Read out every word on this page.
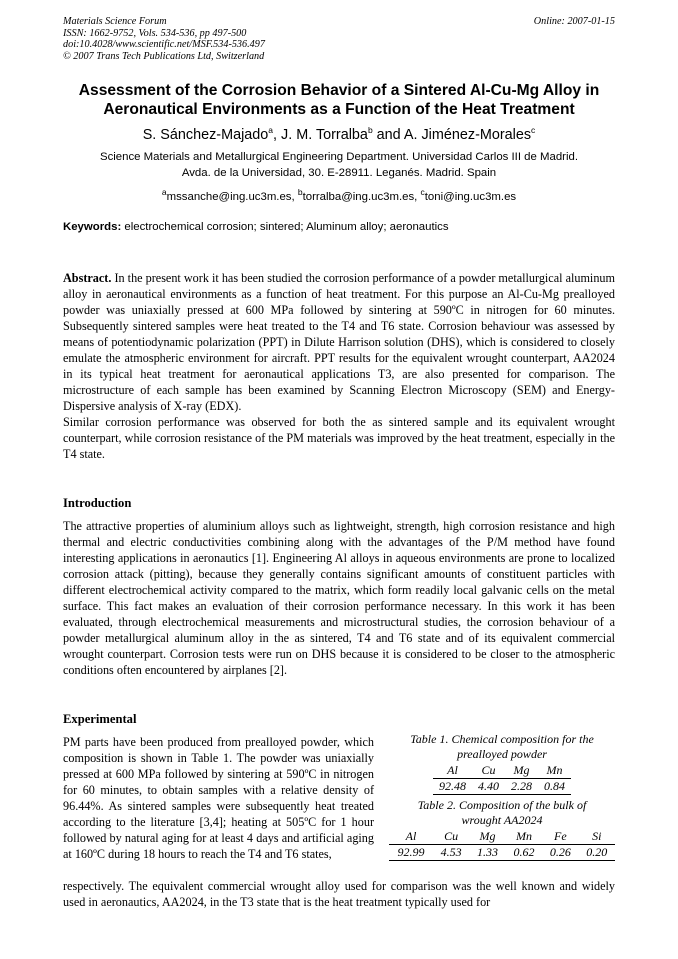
Materials Science Forum
ISSN: 1662-9752, Vols. 534-536, pp 497-500
doi:10.4028/www.scientific.net/MSF.534-536.497
© 2007 Trans Tech Publications Ltd, Switzerland
Online: 2007-01-15
Assessment of the Corrosion Behavior of a Sintered Al-Cu-Mg Alloy in
Aeronautical Environments as a Function of the Heat Treatment
S. Sánchez-Majado$^a$, J. M. Torralba$^b$ and A. Jiménez-Morales$^c$
Science Materials and Metallurgical Engineering Department. Universidad Carlos III de Madrid.
Avda. de la Universidad, 30. E-28911. Leganés. Madrid. Spain
$^a$mssanche@ing.uc3m.es, $^b$torralba@ing.uc3m.es, $^c$toni@ing.uc3m.es
Keywords: electrochemical corrosion; sintered; Aluminum alloy; aeronautics

Abstract. In the present work it has been studied the corrosion performance of a powder metallurgical aluminum alloy in aeronautical environments as a function of heat treatment. For this purpose an Al-Cu-Mg prealloyed powder was uniaxially pressed at 600 MPa followed by sintering at 590ºC in nitrogen for 60 minutes. Subsequently sintered samples were heat treated to the T4 and T6 state. Corrosion behaviour was assessed by means of potentiodynamic polarization (PPT) in Dilute Harrison solution (DHS), which is considered to closely emulate the atmospheric environment for aircraft. PPT results for the equivalent wrought counterpart, AA2024 in its typical heat treatment for aeronautical applications T3, are also presented for comparison. The microstructure of each sample has been examined by Scanning Electron Microscopy (SEM) and Energy-Dispersive analysis of X-ray (EDX).

Similar corrosion performance was observed for both the as sintered sample and its equivalent wrought counterpart, while corrosion resistance of the PM materials was improved by the heat treatment, especially in the T4 state.

Introduction

The attractive properties of aluminium alloys such as lightweight, strength, high corrosion resistance and high thermal and electric conductivities combining along with the advantages of the P/M method have found interesting applications in aeronautics [1]. Engineering Al alloys in aqueous environments are prone to localized corrosion attack (pitting), because they generally contains significant amounts of constituent particles with different electrochemical activity compared to the matrix, which form readily local galvanic cells on the metal surface. This fact makes an evaluation of their corrosion performance necessary. In this work it has been evaluated, through electrochemical measurements and microstructural studies, the corrosion behaviour of a powder metallurgical aluminum alloy in the as sintered, T4 and T6 state and of its equivalent commercial wrought counterpart. Corrosion tests were run on DHS because it is considered to be closer to the atmospheric conditions often encountered by airplanes [2].

Experimental

PM parts have been produced from prealloyed powder, which composition is shown in Table 1. The powder was uniaxially pressed at 600 MPa followed by sintering at 590ºC in nitrogen for 60 minutes, to obtain samples with a relative density of 96.44%. As sintered samples were subsequently heat treated according to the literature [3,4]; heating at 505ºC for 1 hour followed by natural aging for at least 4 days and artificial aging at 160ºC during 18 hours to reach the T4 and T6 states,

Table 1. Chemical composition for the
prealloyed powder
Al	Cu	Mg	Mn
92.48	4.40	2.28	0.84
Table 2. Composition of the bulk of
wrought AA2024
Al	Cu	Mg	Mn	Fe	Si
92.99	4.53	1.33	0.62	0.26	0.20

respectively. The equivalent commercial wrought alloy used for comparison was the well known and widely used in aeronautics, AA2024, in the T3 state that is the heat treatment typically used for
